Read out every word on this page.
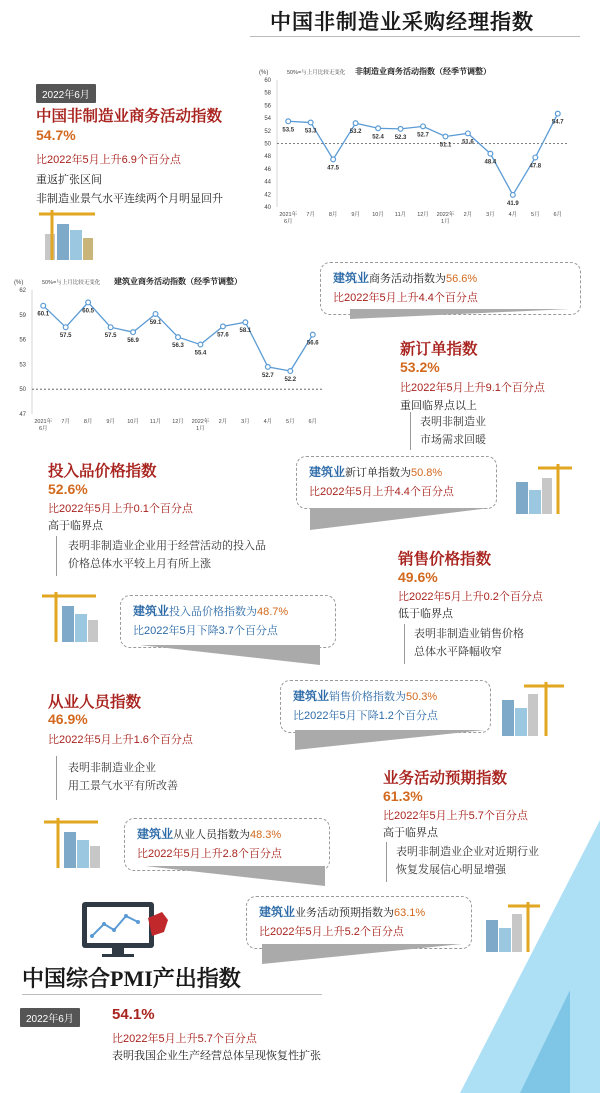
中国非制造业采购经理指数
2022年6月
中国非制造业商务活动指数
54.7%
比2022年5月上升6.9个百分点
重返扩张区间
非制造业景气水平连续两个月明显回升
(%)	50%=与上月比较无变化 非制造业商务活动指数（经季节调整）
40
42
44
46
48
50
52
54
56
58
60
53.5 53.3
47.5
53.2
52.4 52.3 52.7
51.1
51.6
48.4
41.9
47.8
54.7
2021年
6月
7月	8月	9月 10月 11月 12月 2022年
1月
2月	3月	4月	5月	6月
(%)	50%=与上月比较无变化 建筑业商务活动指数（经季节调整）
47
50
53
56
59
62
60.1
57.5
60.5
57.5
56.9
59.1
56.3
55.4
57.6
58.1
52.7
52.2
56.6
2021年
6月
7月	8月	9月 10月 11月 12月 2022年
1月
2月	3月	4月	5月	6月
建筑业商务活动指数为56.6%
比2022年5月上升4.4个百分点
新订单指数
53.2%
比2022年5月上升9.1个百分点
重回临界点以上
表明非制造业
市场需求回暖
建筑业新订单指数为50.8%
比2022年5月上升4.4个百分点
投入品价格指数
52.6%
比2022年5月上升0.1个百分点
高于临界点
表明非制造业企业用于经营活动的投入品
价格总体水平较上月有所上涨	销售价格指数
49.6%
比2022年5月上升0.2个百分点
低于临界点
表明非制造业销售价格
总体水平降幅收窄
建筑业投入品价格指数为48.7%
比2022年5月下降3.7个百分点
建筑业销售价格指数为50.3%
比2022年5月下降1.2个百分点
从业人员指数
46.9%
比2022年5月上升1.6个百分点
表明非制造业企业
用工景气水平有所改善	业务活动预期指数
61.3%
比2022年5月上升5.7个百分点
高于临界点
表明非制造业企业对近期行业
恢复发展信心明显增强
建筑业从业人员指数为48.3%
比2022年5月上升2.8个百分点
建筑业业务活动预期指数为63.1%
比2022年5月上升5.2个百分点
中国综合PMI产出指数
2022年6月	54.1%
比2022年5月上升5.7个百分点
表明我国企业生产经营总体呈现恢复性扩张
